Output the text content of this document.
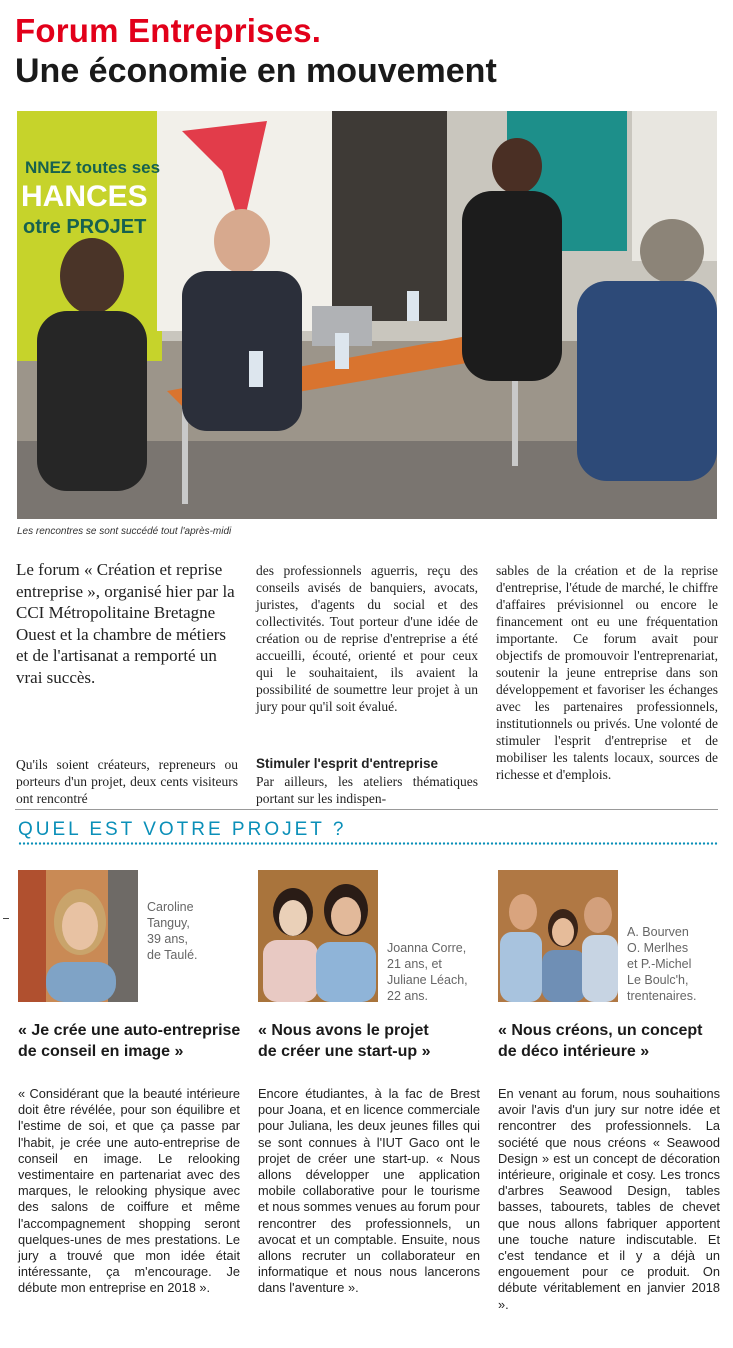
Forum Entreprises.
Une économie en mouvement
NNEZ toutes ses
HANCES
otre PROJET
Les rencontres se sont succédé tout l'après-midi
Le forum « Création et reprise entreprise », organisé hier par la CCI Métropolitaine Bretagne Ouest et la chambre de métiers et de l'artisanat a remporté un vrai succès.

Qu'ils soient créateurs, repreneurs ou porteurs d'un projet, deux cents visiteurs ont rencontré

des professionnels aguerris, reçu des conseils avisés de banquiers, avocats, juristes, d'agents du social et des collectivités. Tout porteur d'une idée de création ou de reprise d'entreprise a été accueilli, écouté, orienté et pour ceux qui le souhaitaient, ils avaient la possibilité de soumettre leur projet à un jury pour qu'il soit évalué.

Stimuler l'esprit d'entreprise

Par ailleurs, les ateliers thématiques portant sur les indispen-

sables de la création et de la reprise d'entreprise, l'étude de marché, le chiffre d'affaires prévisionnel ou encore le financement ont eu une fréquentation importante. Ce forum avait pour objectifs de promouvoir l'entreprenariat, soutenir la jeune entreprise dans son développement et favoriser les échanges avec les partenaires professionnels, institutionnels ou privés. Une volonté de stimuler l'esprit d'entreprise et de mobiliser les talents locaux, sources de richesse et d'emplois.

QUEL EST VOTRE PROJET ?
Caroline
Tanguy,
39 ans,
de Taulé.
« Je crée une auto-entreprise
de conseil en image »
« Considérant que la beauté intérieure doit être révélée, pour son équilibre et l'estime de soi, et que ça passe par l'habit, je crée une auto-entreprise de conseil en image. Le relooking vestimentaire en partenariat avec des marques, le relooking physique avec des salons de coiffure et même l'accompagnement shopping seront quelques-unes de mes prestations. Le jury a trouvé que mon idée était intéressante, ça m'encourage. Je débute mon entreprise en 2018 ».
Joanna Corre,
21 ans, et
Juliane Léach,
22 ans.
« Nous avons le projet
de créer une start-up »
Encore étudiantes, à la fac de Brest pour Joana, et en licence commerciale pour Juliana, les deux jeunes filles qui se sont connues à l'IUT Gaco ont le projet de créer une start-up. « Nous allons développer une application mobile collaborative pour le tourisme et nous sommes venues au forum pour rencontrer des professionnels, un avocat et un comptable. Ensuite, nous allons recruter un collaborateur en informatique et nous nous lancerons dans l'aventure ».
A. Bourven
O. Merlhes
et P.-Michel
Le Boulc'h,
trentenaires.
« Nous créons, un concept
de déco intérieure »
En venant au forum, nous souhaitions avoir l'avis d'un jury sur notre idée et rencontrer des professionnels. La société que nous créons « Seawood Design » est un concept de décoration intérieure, originale et cosy. Les troncs d'arbres Seawood Design, tables basses, tabourets, tables de chevet que nous allons fabriquer apportent une touche nature indiscutable. Et c'est tendance et il y a déjà un engouement pour ce produit. On débute véritablement en janvier 2018 ».
